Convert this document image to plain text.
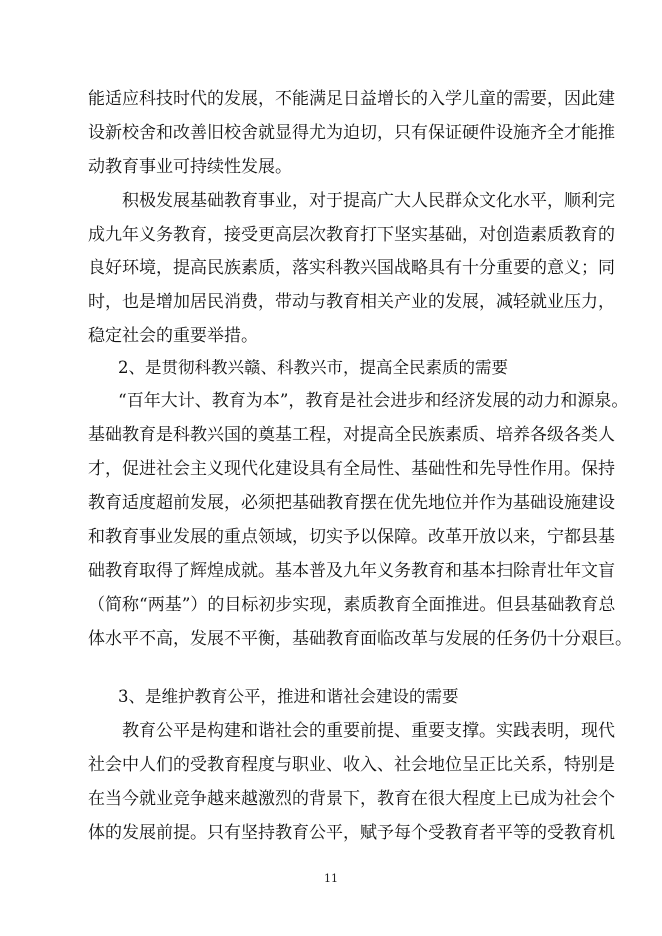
能适应科技时代的发展，不能满足日益增长的入学儿童的需要，因此建

设新校舍和改善旧校舍就显得尤为迫切，只有保证硬件设施齐全才能推

动教育事业可持续性发展。

积极发展基础教育事业，对于提高广大人民群众文化水平，顺利完

成九年义务教育，接受更高层次教育打下坚实基础，对创造素质教育的

良好环境，提高民族素质，落实科教兴国战略具有十分重要的意义；同

时，也是增加居民消费，带动与教育相关产业的发展，减轻就业压力，

稳定社会的重要举措。

2、是贯彻科教兴赣、科教兴市，提高全民素质的需要

“百年大计、教育为本”，教育是社会进步和经济发展的动力和源泉。

基础教育是科教兴国的奠基工程，对提高全民族素质、培养各级各类人

才，促进社会主义现代化建设具有全局性、基础性和先导性作用。保持

教育适度超前发展，必须把基础教育摆在优先地位并作为基础设施建设

和教育事业发展的重点领域，切实予以保障。改革开放以来，宁都县基

础教育取得了辉煌成就。基本普及九年义务教育和基本扫除青壮年文盲

（简称“两基”）的目标初步实现，素质教育全面推进。但县基础教育总

体水平不高，发展不平衡，基础教育面临改革与发展的任务仍十分艰巨。

3、是维护教育公平，推进和谐社会建设的需要

教育公平是构建和谐社会的重要前提、重要支撑。实践表明，现代

社会中人们的受教育程度与职业、收入、社会地位呈正比关系，特别是

在当今就业竞争越来越激烈的背景下，教育在很大程度上已成为社会个

体的发展前提。只有坚持教育公平，赋予每个受教育者平等的受教育机

11
